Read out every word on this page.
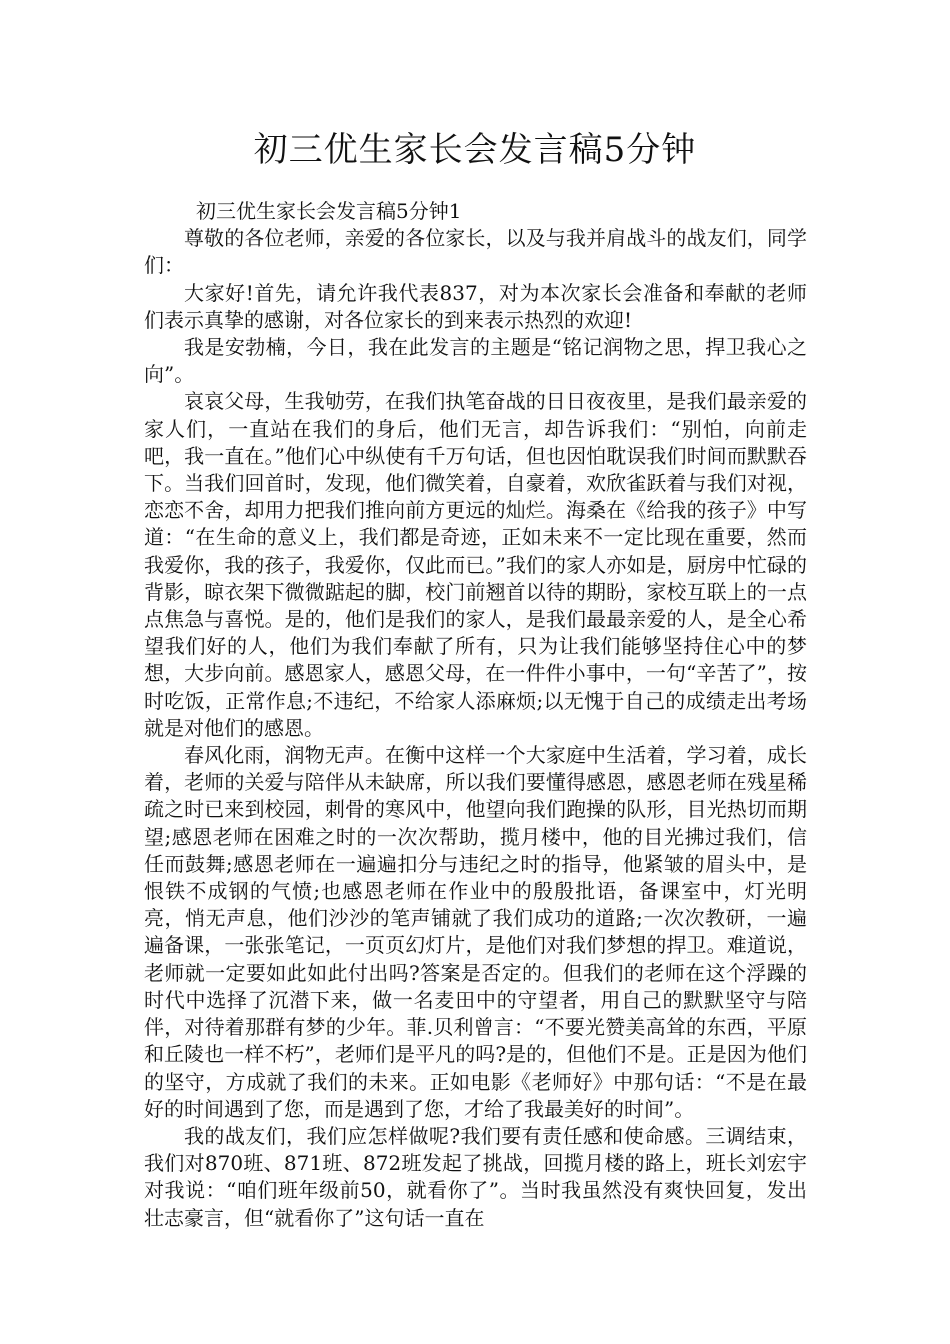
初三优生家长会发言稿5分钟

初三优生家长会发言稿5分钟1

尊敬的各位老师，亲爱的各位家长，以及与我并肩战斗的战友们，同学们：

大家好!首先，请允许我代表837，对为本次家长会准备和奉献的老师们表示真挚的感谢，对各位家长的到来表示热烈的欢迎!

我是安勃楠，今日，我在此发言的主题是“铭记润物之思，捍卫我心之向”。

哀哀父母，生我劬劳，在我们执笔奋战的日日夜夜里，是我们最亲爱的家人们，一直站在我们的身后，他们无言，却告诉我们：“别怕，向前走吧，我一直在。”他们心中纵使有千万句话，但也因怕耽误我们时间而默默吞下。当我们回首时，发现，他们微笑着，自豪着，欢欣雀跃着与我们对视，恋恋不舍，却用力把我们推向前方更远的灿烂。海桑在《给我的孩子》中写道：“在生命的意义上，我们都是奇迹，正如未来不一定比现在重要，然而我爱你，我的孩子，我爱你，仅此而已。”我们的家人亦如是，厨房中忙碌的背影，晾衣架下微微踮起的脚，校门前翘首以待的期盼，家校互联上的一点点焦急与喜悦。是的，他们是我们的家人，是我们最最亲爱的人，是全心希望我们好的人，他们为我们奉献了所有，只为让我们能够坚持住心中的梦想，大步向前。感恩家人，感恩父母，在一件件小事中，一句“辛苦了”，按时吃饭，正常作息;不违纪，不给家人添麻烦;以无愧于自己的成绩走出考场就是对他们的感恩。

春风化雨，润物无声。在衡中这样一个大家庭中生活着，学习着，成长着，老师的关爱与陪伴从未缺席，所以我们要懂得感恩，感恩老师在残星稀疏之时已来到校园，刺骨的寒风中，他望向我们跑操的队形，目光热切而期望;感恩老师在困难之时的一次次帮助，揽月楼中，他的目光拂过我们，信任而鼓舞;感恩老师在一遍遍扣分与违纪之时的指导，他紧皱的眉头中，是恨铁不成钢的气愤;也感恩老师在作业中的殷殷批语，备课室中，灯光明亮，悄无声息，他们沙沙的笔声铺就了我们成功的道路;一次次教研，一遍遍备课，一张张笔记，一页页幻灯片，是他们对我们梦想的捍卫。难道说，老师就一定要如此如此付出吗?答案是否定的。但我们的老师在这个浮躁的时代中选择了沉潜下来，做一名麦田中的守望者，用自己的默默坚守与陪伴，对待着那群有梦的少年。菲.贝利曾言：“不要光赞美高耸的东西，平原和丘陵也一样不朽”，老师们是平凡的吗?是的，但他们不是。正是因为他们的坚守，方成就了我们的未来。正如电影《老师好》中那句话：“不是在最好的时间遇到了您，而是遇到了您，才给了我最美好的时间”。

我的战友们，我们应怎样做呢?我们要有责任感和使命感。三调结束，我们对870班、871班、872班发起了挑战，回揽月楼的路上，班长刘宏宇对我说：“咱们班年级前50，就看你了”。当时我虽然没有爽快回复，发出壮志豪言，但“就看你了”这句话一直在
